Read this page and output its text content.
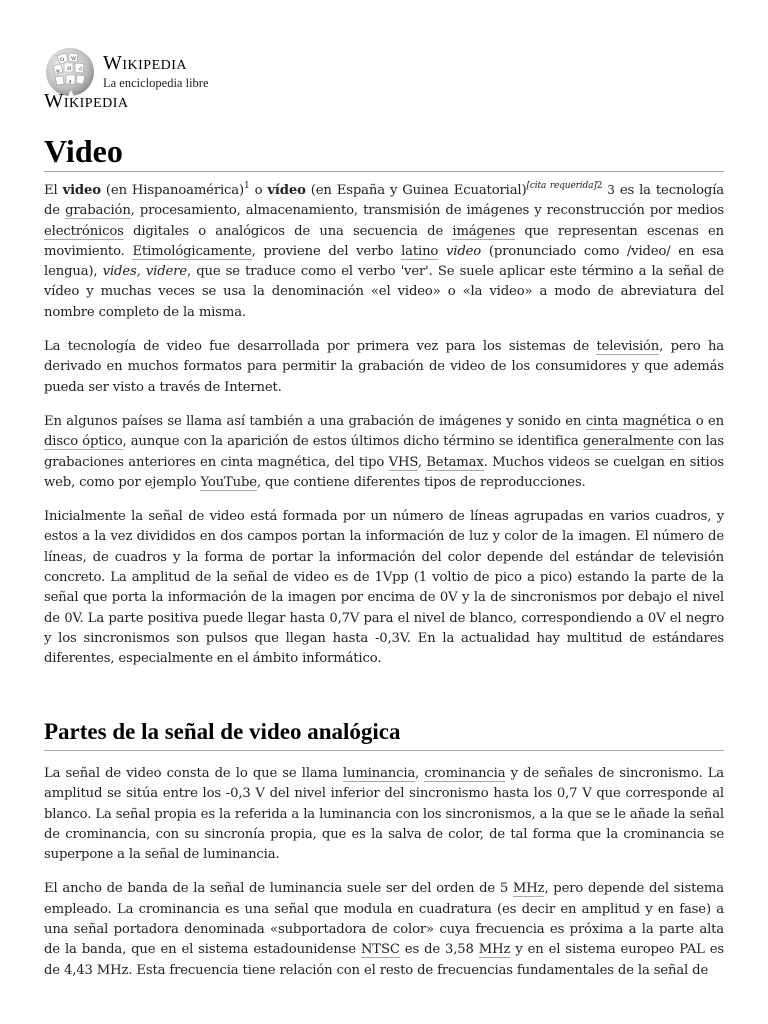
Ω W
И ウ
ψ
ﻭ
Wikipedia
La enciclopedia libre
Wikipedia
Video

El video (en Hispanoamérica)$^1$ o vídeo (en España y Guinea Ecuatorial)$^{[cita requerida]2}$ 3 es la tecnología de grabación, procesamiento, almacenamiento, transmisión de imágenes y reconstrucción por medios electrónicos digitales o analógicos de una secuencia de imágenes que representan escenas en movimiento. Etimológicamente, proviene del verbo latino video (pronunciado como /video/ en esa lengua), vides, videre, que se traduce como el verbo 'ver'. Se suele aplicar este término a la señal de vídeo y muchas veces se usa la denominación «el video» o «la video» a modo de abreviatura del nombre completo de la misma.

La tecnología de video fue desarrollada por primera vez para los sistemas de televisión, pero ha derivado en muchos formatos para permitir la grabación de video de los consumidores y que además pueda ser visto a través de Internet.

En algunos países se llama así también a una grabación de imágenes y sonido en cinta magnética o en disco óptico, aunque con la aparición de estos últimos dicho término se identifica generalmente con las grabaciones anteriores en cinta magnética, del tipo VHS, Betamax. Muchos videos se cuelgan en sitios web, como por ejemplo YouTube, que contiene diferentes tipos de reproducciones.

Inicialmente la señal de video está formada por un número de líneas agrupadas en varios cuadros, y estos a la vez divididos en dos campos portan la información de luz y color de la imagen. El número de líneas, de cuadros y la forma de portar la información del color depende del estándar de televisión concreto. La amplitud de la señal de video es de 1Vpp (1 voltio de pico a pico) estando la parte de la señal que porta la información de la imagen por encima de 0V y la de sincronismos por debajo el nivel de 0V. La parte positiva puede llegar hasta 0,7V para el nivel de blanco, correspondiendo a 0V el negro y los sincronismos son pulsos que llegan hasta -0,3V. En la actualidad hay multitud de estándares diferentes, especialmente en el ámbito informático.

Partes de la señal de video analógica

La señal de video consta de lo que se llama luminancia, crominancia y de señales de sincronismo. La amplitud se sitúa entre los -0,3 V del nivel inferior del sincronismo hasta los 0,7 V que corresponde al blanco. La señal propia es la referida a la luminancia con los sincronismos, a la que se le añade la señal de crominancia, con su sincronía propia, que es la salva de color, de tal forma que la crominancia se superpone a la señal de luminancia.

El ancho de banda de la señal de luminancia suele ser del orden de 5 MHz, pero depende del sistema empleado. La crominancia es una señal que modula en cuadratura (es decir en amplitud y en fase) a una señal portadora denominada «subportadora de color» cuya frecuencia es próxima a la parte alta de la banda, que en el sistema estadounidense NTSC es de 3,58 MHz y en el sistema europeo PAL es de 4,43 MHz. Esta frecuencia tiene relación con el resto de frecuencias fundamentales de la señal de
